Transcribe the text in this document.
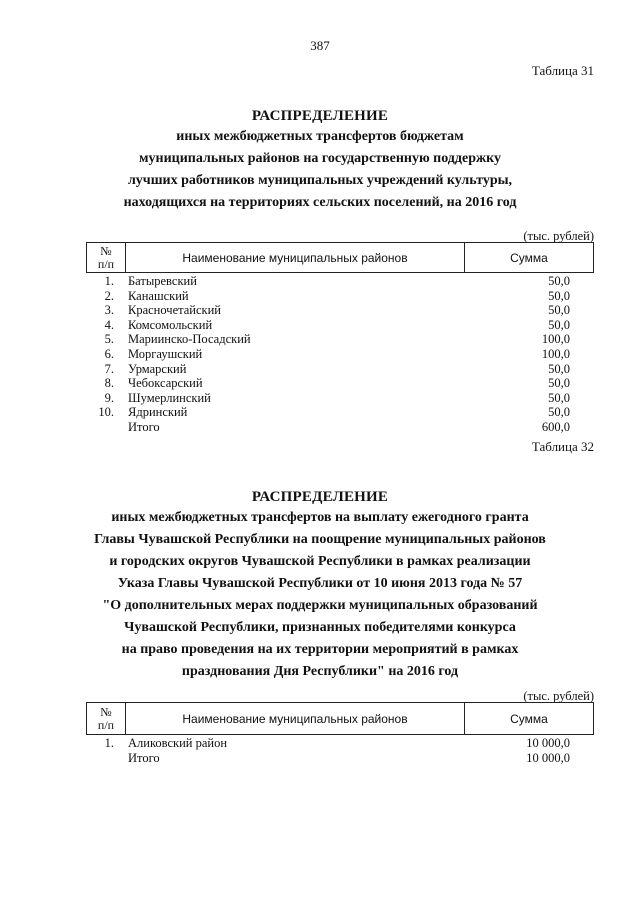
387
Таблица 31
РАСПРЕДЕЛЕНИЕ
иных межбюджетных трансфертов бюджетам
муниципальных районов на государственную поддержку
лучших работников муниципальных учреждений культуры,
находящихся на территориях сельских поселений, на 2016 год
(тыс. рублей)
№
п/п	Наименование муниципальных районов	Сумма
1.	Батыревский	50,0
2.	Канашский	50,0
3.	Красночетайский	50,0
4.	Комсомольский	50,0
5.	Мариинско-Посадский	100,0
6.	Моргаушский	100,0
7.	Урмарский	50,0
8.	Чебоксарский	50,0
9.	Шумерлинский	50,0
10.	Ядринский	50,0
Итого	600,0
Таблица 32
РАСПРЕДЕЛЕНИЕ
иных межбюджетных трансфертов на выплату ежегодного гранта
Главы Чувашской Республики на поощрение муниципальных районов
и городских округов Чувашской Республики в рамках реализации
Указа Главы Чувашской Республики от 10 июня 2013 года № 57
"О дополнительных мерах поддержки муниципальных образований
Чувашской Республики, признанных победителями конкурса
на право проведения на их территории мероприятий в рамках
празднования Дня Республики" на 2016 год
(тыс. рублей)
№
п/п	Наименование муниципальных районов	Сумма
1.	Аликовский район	10 000,0
Итого	10 000,0
